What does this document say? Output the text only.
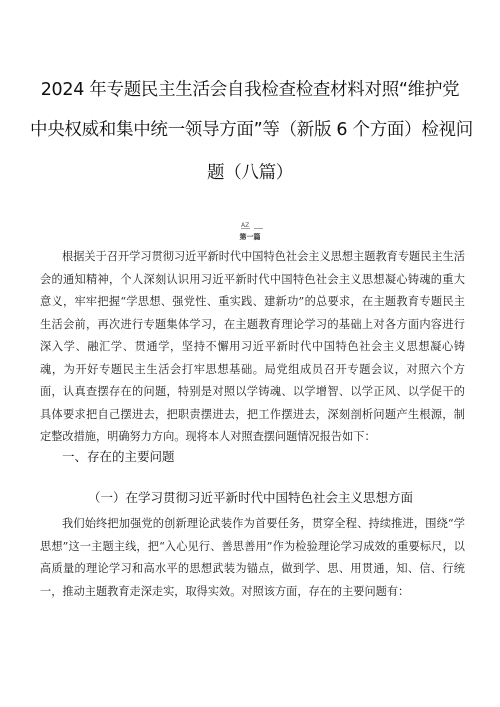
2024 年专题民主生活会自我检查检查材料对照“维护党
中央权威和集中统一领导方面”等（新版 6 个方面）检视问
题（八篇）
AZ
第一篇
根据关于召开学习贯彻习近平新时代中国特色社会主义思想主题教育专题民主生活会的通知精神，个人深刻认识用习近平新时代中国特色社会主义思想凝心铸魂的重大意义，牢牢把握“学思想、强党性、重实践、建新功”的总要求，在主题教育专题民主生活会前，再次进行专题集体学习，在主题教育理论学习的基础上对各方面内容进行深入学、融汇学、贯通学，坚持不懈用习近平新时代中国特色社会主义思想凝心铸魂，为开好专题民主生活会打牢思想基础。局党组成员召开专题会议，对照六个方面，认真查摆存在的问题，特别是对照以学铸魂、以学增智、以学正风、以学促干的具体要求把自己摆进去，把职责摆进去，把工作摆进去，深刻剖析问题产生根源，制定整改措施，明确努力方向。现将本人对照查摆问题情况报告如下：
一、存在的主要问题
（一）在学习贯彻习近平新时代中国特色社会主义思想方面
我们始终把加强党的创新理论武装作为首要任务，贯穿全程、持续推进，围绕“学思想”这一主题主线，把“入心见行、善思善用”作为检验理论学习成效的重要标尺，以高质量的理论学习和高水平的思想武装为锚点，做到学、思、用贯通，知、信、行统一，推动主题教育走深走实，取得实效。对照该方面，存在的主要问题有：
